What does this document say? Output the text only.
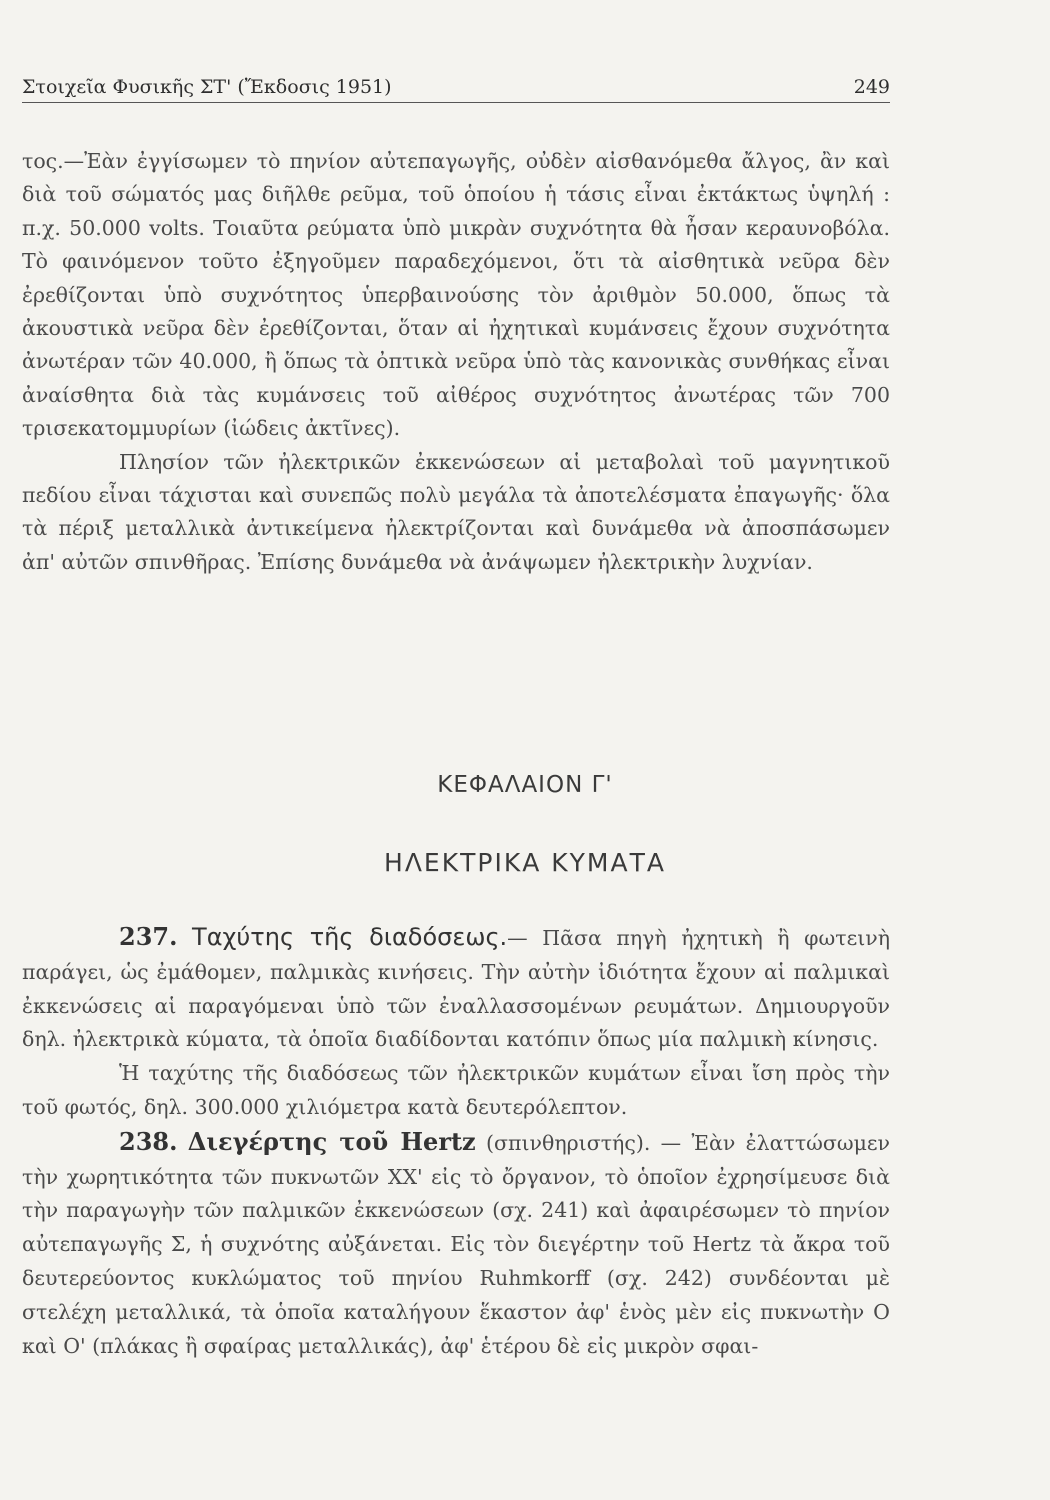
Στοιχεῖα Φυσικῆς ΣΤ' (Ἔκδοσις 1951)	249

τος.—Ἐὰν ἐγγίσωμεν τὸ πηνίον αὐτεπαγωγῆς, οὐδὲν αἰσθανόμεθα ἄλγος, ἂν καὶ διὰ τοῦ σώματός μας διῆλθε ρεῦμα, τοῦ ὁποίου ἡ τάσις εἶναι ἐκτάκτως ὑψηλή : π.χ. 50.000 volts. Τοιαῦτα ρεύματα ὑπὸ μικρὰν συχνότητα θὰ ἦσαν κεραυνοβόλα. Τὸ φαινόμενον τοῦτο ἐξηγοῦμεν παραδεχόμενοι, ὅτι τὰ αἰσθητικὰ νεῦρα δὲν ἐρεθίζονται ὑπὸ συχνότητος ὑπερβαινούσης τὸν ἀριθμὸν 50.000, ὅπως τὰ ἀκουστικὰ νεῦρα δὲν ἐρεθίζονται, ὅταν αἱ ἠχητικαὶ κυμάνσεις ἔχουν συχνότητα ἀνωτέραν τῶν 40.000, ἢ ὅπως τὰ ὀπτικὰ νεῦρα ὑπὸ τὰς κανονικὰς συνθήκας εἶναι ἀναίσθητα διὰ τὰς κυμάνσεις τοῦ αἰθέρος συχνότητος ἀνωτέρας τῶν 700 τρισεκατομμυρίων (ἰώδεις ἀκτῖνες).

Πλησίον τῶν ἠλεκτρικῶν ἐκκενώσεων αἱ μεταβολαὶ τοῦ μαγνητικοῦ πεδίου εἶναι τάχισται καὶ συνεπῶς πολὺ μεγάλα τὰ ἀποτελέσματα ἐπαγωγῆς· ὅλα τὰ πέριξ μεταλλικὰ ἀντικείμενα ἠλεκτρίζονται καὶ δυνάμεθα νὰ ἀποσπάσωμεν ἀπ' αὐτῶν σπινθῆρας. Ἐπίσης δυνάμεθα νὰ ἀνάψωμεν ἠλεκτρικὴν λυχνίαν.

ΚΕΦΑΛΑΙΟΝ Γ'
ΗΛΕΚΤΡΙΚΑ ΚΥΜΑΤΑ

237. Ταχύτης τῆς διαδόσεως.— Πᾶσα πηγὴ ἠχητικὴ ἢ φωτεινὴ παράγει, ὡς ἐμάθομεν, παλμικὰς κινήσεις. Τὴν αὐτὴν ἰδιότητα ἔχουν αἱ παλμικαὶ ἐκκενώσεις αἱ παραγόμεναι ὑπὸ τῶν ἐναλλασσομένων ρευμάτων. Δημιουργοῦν δηλ. ἠλεκτρικὰ κύματα, τὰ ὁποῖα διαδίδονται κατόπιν ὅπως μία παλμικὴ κίνησις.

Ἡ ταχύτης τῆς διαδόσεως τῶν ἠλεκτρικῶν κυμάτων εἶναι ἴση πρὸς τὴν τοῦ φωτός, δηλ. 300.000 χιλιόμετρα κατὰ δευτερόλεπτον.

238. Διεγέρτης τοῦ Hertz (σπινθηριστής). — Ἐὰν ἐλαττώσωμεν τὴν χωρητικότητα τῶν πυκνωτῶν ΧΧ' εἰς τὸ ὄργανον, τὸ ὁποῖον ἐχρησίμευσε διὰ τὴν παραγωγὴν τῶν παλμικῶν ἐκκενώσεων (σχ. 241) καὶ ἀφαιρέσωμεν τὸ πηνίον αὐτεπαγωγῆς Σ, ἡ συχνότης αὐξάνεται. Εἰς τὸν διεγέρτην τοῦ Hertz τὰ ἄκρα τοῦ δευτερεύοντος κυκλώματος τοῦ πηνίου Ruhmkorff (σχ. 242) συνδέονται μὲ στελέχη μεταλλικά, τὰ ὁποῖα καταλήγουν ἕκαστον ἀφ' ἑνὸς μὲν εἰς πυκνωτὴν Ο καὶ Ο' (πλάκας ἢ σφαίρας μεταλλικάς), ἀφ' ἑτέρου δὲ εἰς μικρὸν σφαι-
